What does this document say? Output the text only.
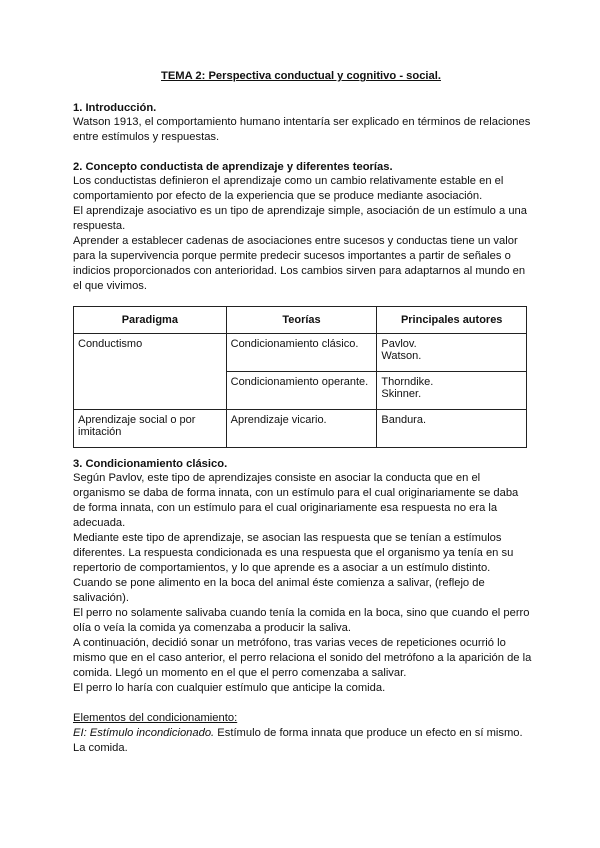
TEMA 2: Perspectiva conductual y cognitivo - social.
1. Introducción.
Watson 1913, el comportamiento humano intentaría ser explicado en términos de relaciones
entre estímulos y respuestas.
2. Concepto conductista de aprendizaje y diferentes teorías.
Los conductistas definieron el aprendizaje como un cambio relativamente estable en el
comportamiento por efecto de la experiencia que se produce mediante asociación.
El aprendizaje asociativo es un tipo de aprendizaje simple, asociación de un estímulo a una
respuesta.
Aprender a establecer cadenas de asociaciones entre sucesos y conductas tiene un valor
para la supervivencia porque permite predecir sucesos importantes a partir de señales o
indicios proporcionados con anterioridad. Los cambios sirven para adaptarnos al mundo en
el que vivimos.
Paradigma	Teorías	Principales autores
Conductismo	Condicionamiento clásico.	Pavlov.
Watson.

	Condicionamiento operante.	Thorndike.
Skinner.

Aprendizaje social o por
imitación	Aprendizaje vicario.	Bandura.
3. Condicionamiento clásico.
Según Pavlov, este tipo de aprendizajes consiste en asociar la conducta que en el
organismo se daba de forma innata, con un estímulo para el cual originariamente se daba
de forma innata, con un estímulo para el cual originariamente esa respuesta no era la
adecuada.
Mediante este tipo de aprendizaje, se asocian las respuesta que se tenían a estímulos
diferentes. La respuesta condicionada es una respuesta que el organismo ya tenía en su
repertorio de comportamientos, y lo que aprende es a asociar a un estímulo distinto.
Cuando se pone alimento en la boca del animal éste comienza a salivar, (reflejo de
salivación).
El perro no solamente salivaba cuando tenía la comida en la boca, sino que cuando el perro
olía o veía la comida ya comenzaba a producir la saliva.
A continuación, decidió sonar un metrófono, tras varias veces de repeticiones ocurrió lo
mismo que en el caso anterior, el perro relaciona el sonido del metrófono a la aparición de la
comida. Llegó un momento en el que el perro comenzaba a salivar.
El perro lo haría con cualquier estímulo que anticipe la comida.
Elementos del condicionamiento:
EI: Estímulo incondicionado. Estímulo de forma innata que produce un efecto en sí mismo.
La comida.
